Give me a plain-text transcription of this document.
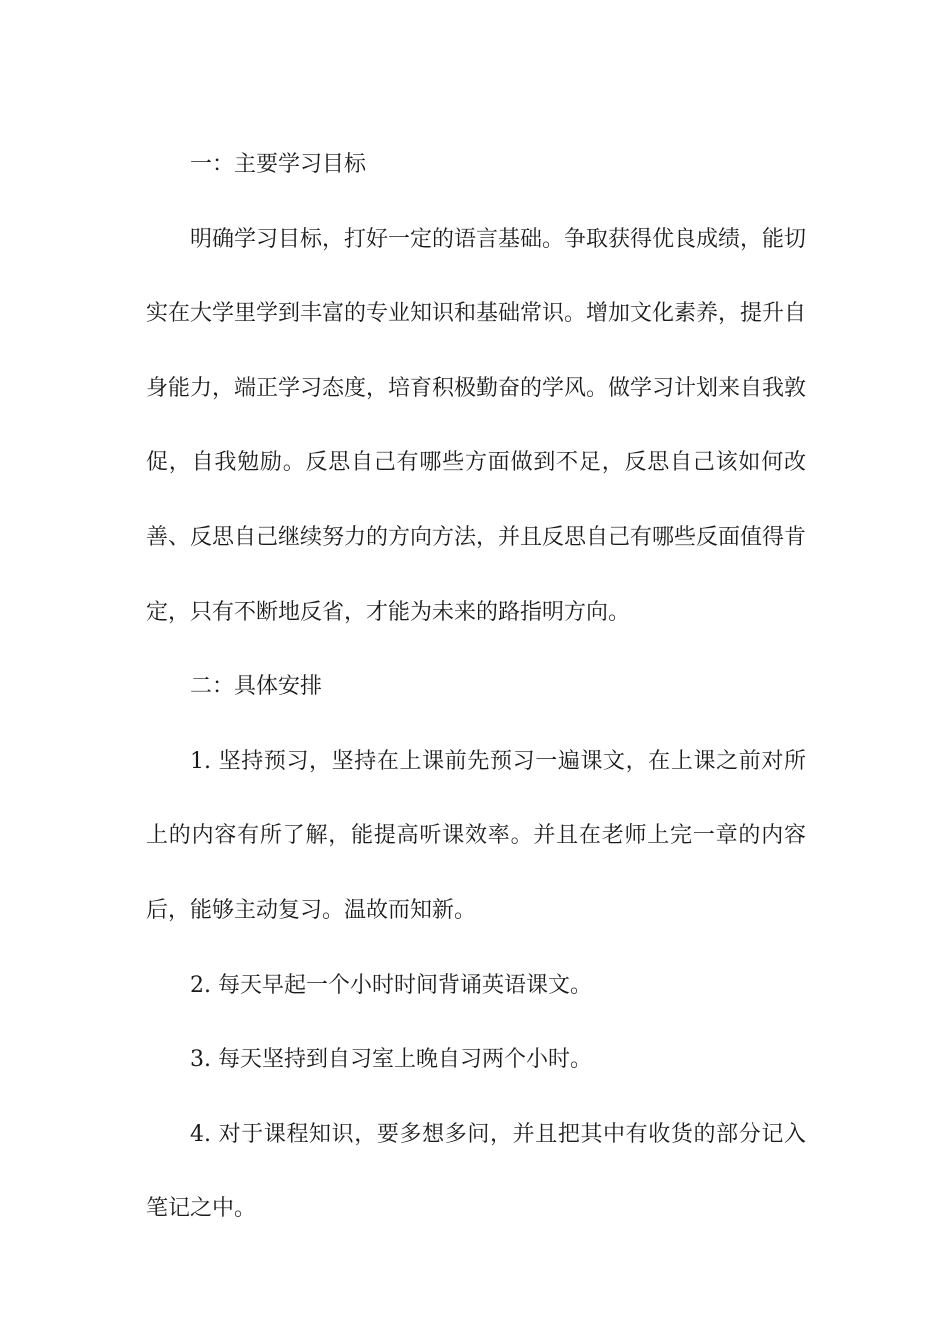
一：主要学习目标

明确学习目标，打好一定的语言基础。争取获得优良成绩，能切实在大学里学到丰富的专业知识和基础常识。增加文化素养，提升自身能力，端正学习态度，培育积极勤奋的学风。做学习计划来自我敦促，自我勉励。反思自己有哪些方面做到不足，反思自己该如何改善、反思自己继续努力的方向方法，并且反思自己有哪些反面值得肯定，只有不断地反省，才能为未来的路指明方向。

二：具体安排

1. 坚持预习，坚持在上课前先预习一遍课文，在上课之前对所上的内容有所了解，能提高听课效率。并且在老师上完一章的内容后，能够主动复习。温故而知新。

2. 每天早起一个小时时间背诵英语课文。

3. 每天坚持到自习室上晚自习两个小时。

4. 对于课程知识，要多想多问，并且把其中有收货的部分记入笔记之中。
